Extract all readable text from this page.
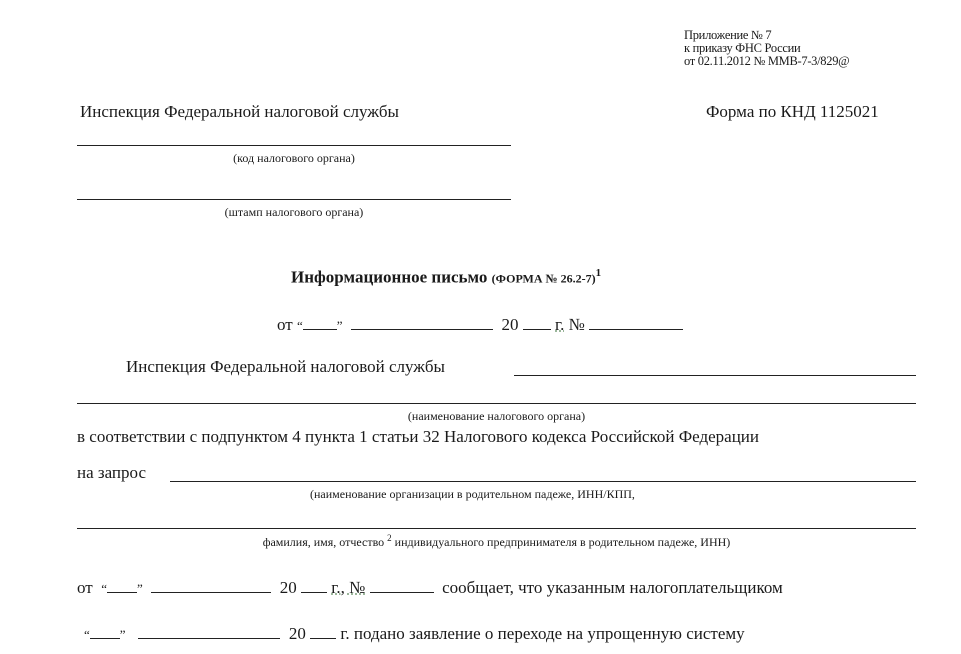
Приложение № 7
к приказу ФНС России
от 02.11.2012 № ММВ-7-3/829@
Инспекция Федеральной налоговой службы	Форма по КНД 1125021
(код налогового органа)
(штамп налогового органа)
Информационное письмо (ФОРМА № 26.2-7)$^1$
от “	”	20 г. №
Инспекция Федеральной налоговой службы
(наименование налогового органа)
в соответствии с подпунктом 4 пункта 1 статьи 32 Налогового кодекса Российской Федерации
на запрос
(наименование организации в родительном падеже, ИНН/КПП,
фамилия, имя, отчество $^2$ индивидуального предпринимателя в родительном падеже, ИНН)
от “ ”	20 г., №	сообщает, что указанным налогоплательщиком
“ ”	20 г. подано заявление о переходе на упрощенную систему
